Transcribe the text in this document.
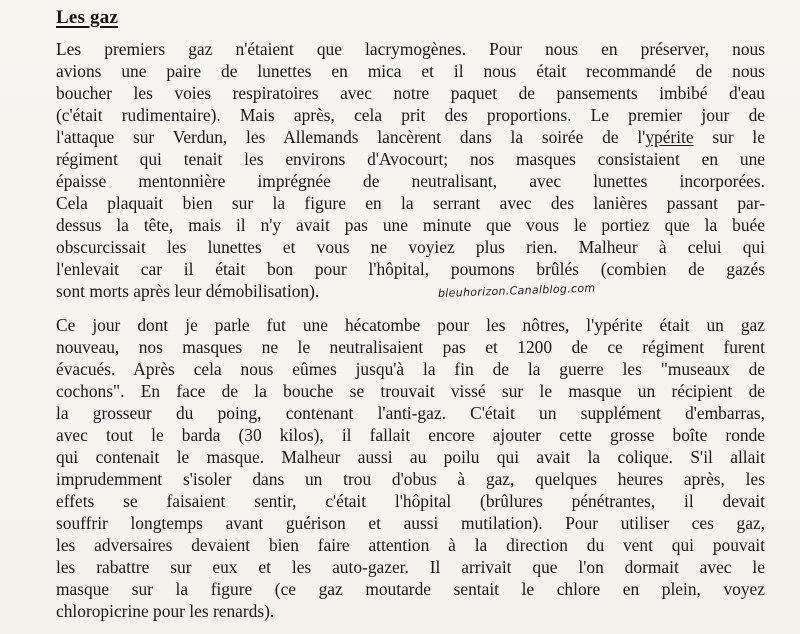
Les gaz
Les premiers gaz n'étaient que lacrymogènes. Pour nous en préserver, nous
avions une paire de lunettes en mica et il nous était recommandé de nous
boucher les voies respiratoires avec notre paquet de pansements imbibé d'eau
(c'était rudimentaire). Mais après, cela prit des proportions. Le premier jour de
l'attaque sur Verdun, les Allemands lancèrent dans la soirée de l'ypérite sur le
régiment qui tenait les environs d'Avocourt; nos masques consistaient en une
épaisse mentonnière imprégnée de neutralisant, avec lunettes incorporées.
Cela plaquait bien sur la figure en la serrant avec des lanières passant par-
dessus la tête, mais il n'y avait pas une minute que vous le portiez que la buée
obscurcissait les lunettes et vous ne voyiez plus rien. Malheur à celui qui
l'enlevait car il était bon pour l'hôpital, poumons brûlés (combien de gazés
sont morts après leur démobilisation).	bleuhorizon.Canalblog.com
Ce jour dont je parle fut une hécatombe pour les nôtres, l'ypérite était un gaz
nouveau, nos masques ne le neutralisaient pas et 1200 de ce régiment furent
évacués. Après cela nous eûmes jusqu'à la fin de la guerre les "museaux de
cochons". En face de la bouche se trouvait vissé sur le masque un récipient de
la grosseur du poing, contenant l'anti-gaz. C'était un supplément d'embarras,
avec tout le barda (30 kilos), il fallait encore ajouter cette grosse boîte ronde
qui contenait le masque. Malheur aussi au poilu qui avait la colique. S'il allait
imprudemment s'isoler dans un trou d'obus à gaz, quelques heures après, les
effets se faisaient sentir, c'était l'hôpital (brûlures pénétrantes, il devait
souffrir longtemps avant guérison et aussi mutilation). Pour utiliser ces gaz,
les adversaires devaient bien faire attention à la direction du vent qui pouvait
les rabattre sur eux et les auto-gazer. Il arrivait que l'on dormait avec le
masque sur la figure (ce gaz moutarde sentait le chlore en plein, voyez
chloropicrine pour les renards).
